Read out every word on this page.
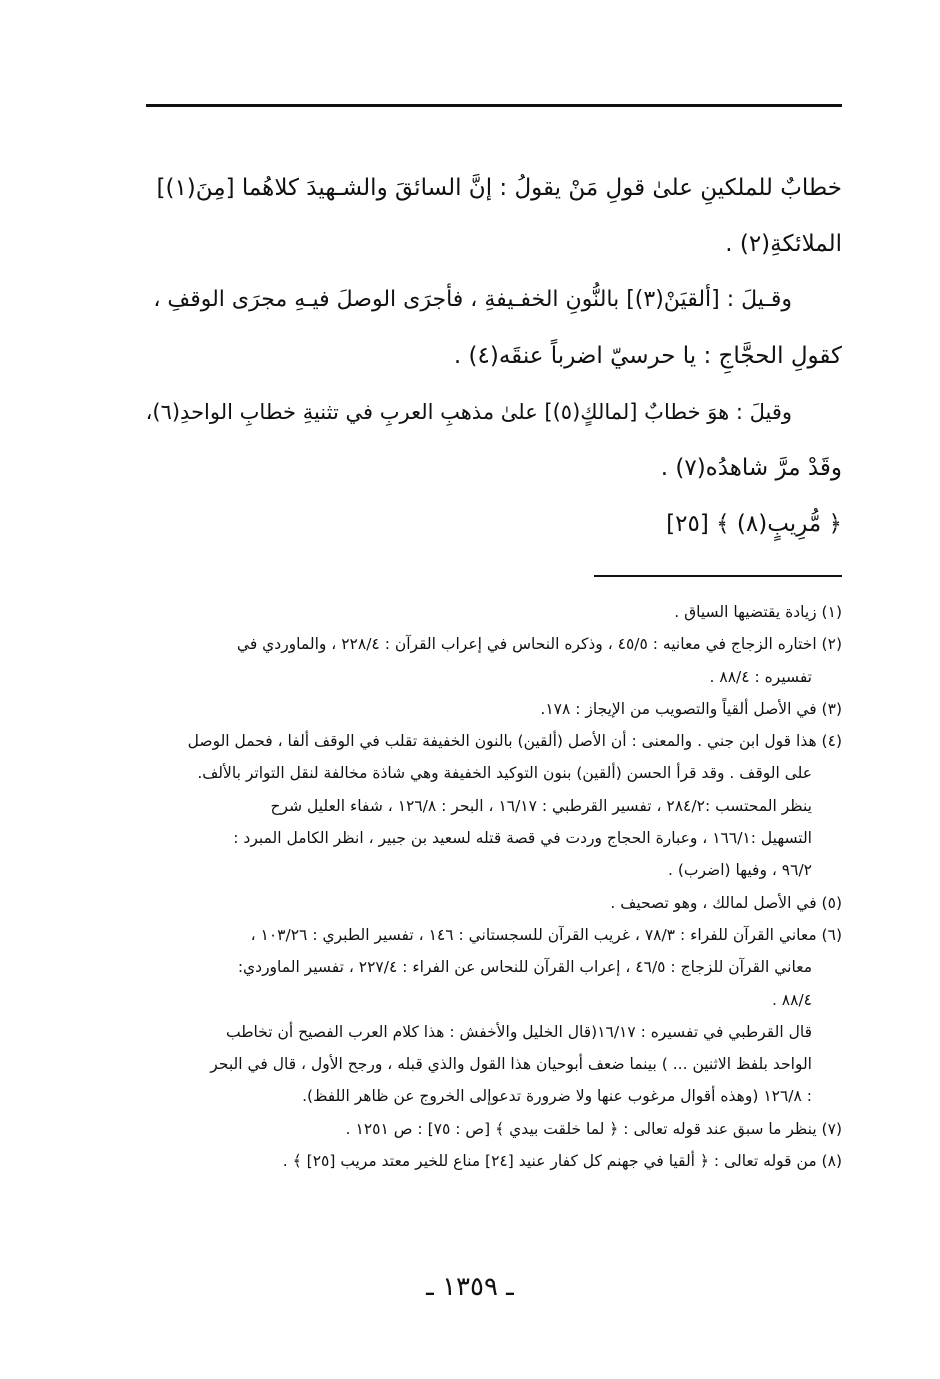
خطابٌ للملكينِ علىٰ قولِ مَنْ يقولُ : إنَّ السائقَ والشـهيدَ كلاهُما [مِنَ(١)]

الملائكةِ(٢) .

وقـيلَ : [ألقيَنْ(٣)] بالنُّونِ الخفـيفةِ ، فأجرَى الوصلَ فيـهِ مجرَى الوقفِ ،

كقولِ الحجَّاجِ : يا حرسيّ اضرباً عنقَه(٤) .

وقيلَ : هوَ خطابٌ [لمالكٍ(٥)] علىٰ مذهبِ العربِ في تثنيةِ خطابِ الواحدِ(٦)،

وقَدْ مرَّ شاهدُه(٧) .

﴿ مُّرِيبٍ(٨) ﴾ [٢٥]

(١) زيادة يقتضيها السياق .
(٢) اختاره الزجاج في معانيه : ٤٥/٥ ، وذكره النحاس في إعراب القرآن : ٢٢٨/٤ ، والماوردي في
تفسيره : ٨٨/٤ .
(٣) في الأصل ألقياً والتصويب من الإيجاز : ١٧٨.
(٤) هذا قول ابن جني . والمعنى : أن الأصل (ألقين) بالنون الخفيفة تقلب في الوقف ألفا ، فحمل الوصل
على الوقف . وقد قرأ الحسن (ألقين) بنون التوكيد الخفيفة وهي شاذة مخالفة لنقل التواتر بالألف.
ينظر المحتسب :٢٨٤/٢ ، تفسير القرطبي : ١٦/١٧ ، البحر : ١٢٦/٨ ، شفاء العليل شرح
التسهيل :١٦٦/١ ، وعبارة الحجاج وردت في قصة قتله لسعيد بن جبير ، انظر الكامل المبرد :
٩٦/٢ ، وفيها (اضرب) .
(٥) في الأصل لمالك ، وهو تصحيف .
(٦) معاني القرآن للفراء : ٧٨/٣ ، غريب القرآن للسجستاني : ١٤٦ ، تفسير الطبري : ١٠٣/٢٦ ،
معاني القرآن للزجاج : ٤٦/٥ ، إعراب القرآن للنحاس عن الفراء : ٢٢٧/٤ ، تفسير الماوردي:
٨٨/٤ .
قال القرطبي في تفسيره : ١٦/١٧(قال الخليل والأخفش : هذا كلام العرب الفصيح أن تخاطب
الواحد بلفظ الاثنين ... ) بينما ضعف أبوحيان هذا القول والذي قبله ، ورجح الأول ، قال في البحر
: ١٢٦/٨ (وهذه أقوال مرغوب عنها ولا ضرورة تدعوإلى الخروج عن ظاهر اللفظ).
(٧) ينظر ما سبق عند قوله تعالى : ﴿ لما خلقت بيدي ﴾ [ص : ٧٥] : ص ١٢٥١ .
(٨) من قوله تعالى : ﴿ ألقيا في جهنم كل كفار عنيد [٢٤] مناع للخير معتد مريب [٢٥] ﴾ .
ـ ١٣٥٩ ـ
